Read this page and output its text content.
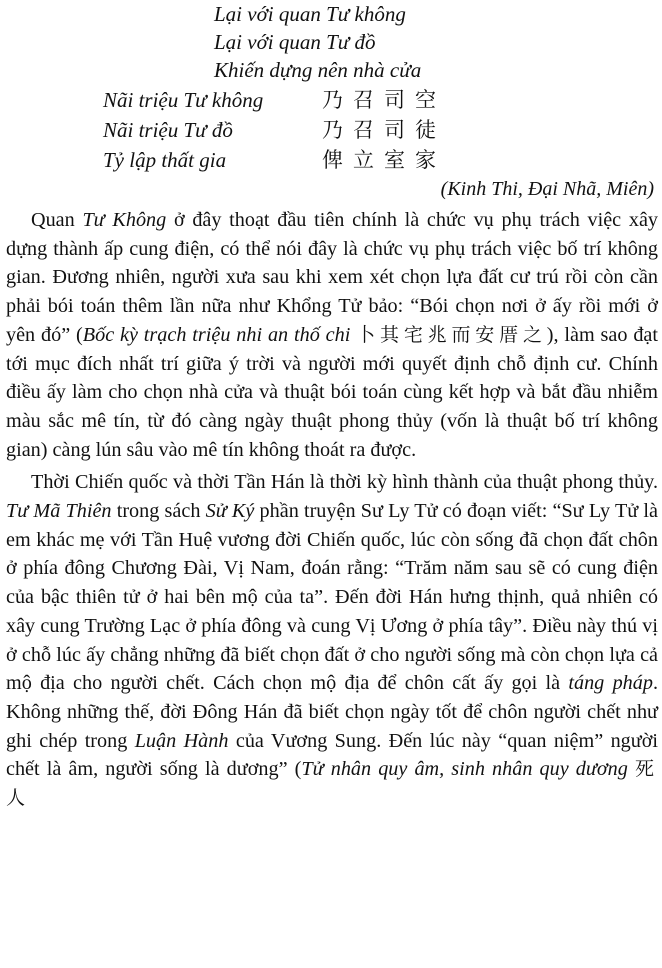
Lại với quan Tư không
Lại với quan Tư đồ
Khiến dựng nên nhà cửa
Nãi triệu Tư không	乃召司空
Nãi triệu Tư đồ	乃召司徒
Tỷ lập thất gia	俾立室家
(Kinh Thi, Đại Nhã, Miên)

Quan Tư Không ở đây thoạt đầu tiên chính là chức vụ phụ trách việc xây dựng thành ấp cung điện, có thể nói đây là chức vụ phụ trách việc bố trí không gian. Đương nhiên, người xưa sau khi xem xét chọn lựa đất cư trú rồi còn cần phải bói toán thêm lần nữa như Khổng Tử bảo: “Bói chọn nơi ở ấy rồi mới ở yên đó” (Bốc kỳ trạch triệu nhi an thố chi 卜其宅兆而安厝之), làm sao đạt tới mục đích nhất trí giữa ý trời và người mới quyết định chỗ định cư. Chính điều ấy làm cho chọn nhà cửa và thuật bói toán cùng kết hợp và bắt đầu nhiễm màu sắc mê tín, từ đó càng ngày thuật phong thủy (vốn là thuật bố trí không gian) càng lún sâu vào mê tín không thoát ra được.

Thời Chiến quốc và thời Tần Hán là thời kỳ hình thành của thuật phong thủy. Tư Mã Thiên trong sách Sử Ký phần truyện Sư Ly Tử có đoạn viết: “Sư Ly Tử là em khác mẹ với Tần Huệ vương đời Chiến quốc, lúc còn sống đã chọn đất chôn ở phía đông Chương Đài, Vị Nam, đoán rằng: “Trăm năm sau sẽ có cung điện của bậc thiên tử ở hai bên mộ của ta”. Đến đời Hán hưng thịnh, quả nhiên có xây cung Trường Lạc ở phía đông và cung Vị Ương ở phía tây”. Điều này thú vị ở chỗ lúc ấy chẳng những đã biết chọn đất ở cho người sống mà còn chọn lựa cả mộ địa cho người chết. Cách chọn mộ địa để chôn cất ấy gọi là táng pháp. Không những thế, đời Đông Hán đã biết chọn ngày tốt để chôn người chết như ghi chép trong Luận Hành của Vương Sung. Đến lúc này “quan niệm” người chết là âm, người sống là dương” (Tử nhân quy âm, sinh nhân quy dương 死 人
